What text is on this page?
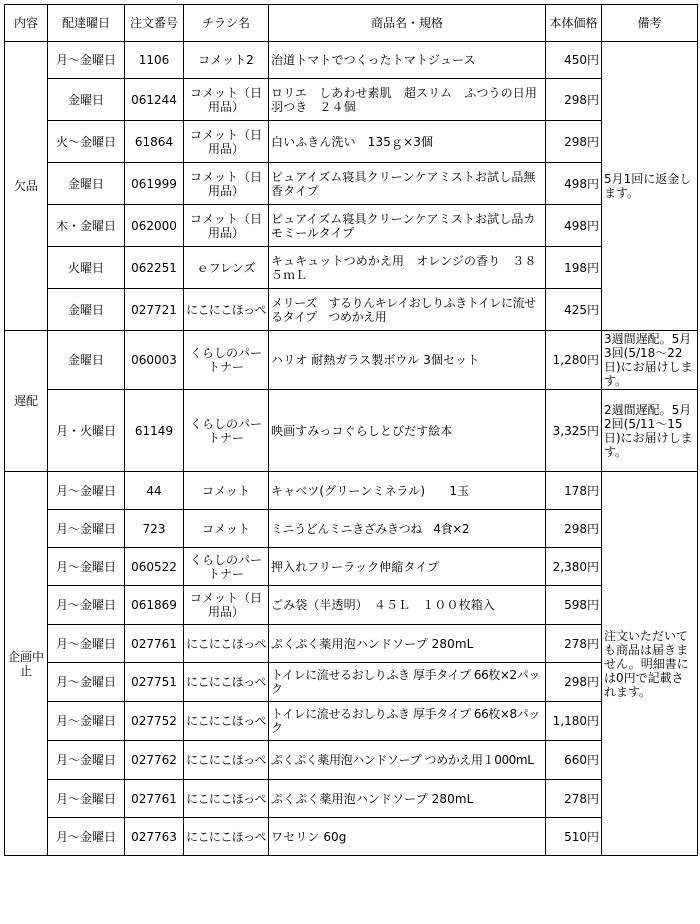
内容	配達曜日	注文番号	チラシ名	商品名・規格	本体価格	備考
欠品	月～金曜日	1106	コメット2	治道トマトでつくったトマトジュース	450円	5月1回に返金します。
	金曜日	061244	コメット（日用品）	ロリエ　しあわせ素肌　超スリム　ふつうの日用　羽つき　２４個	298円	
	火～金曜日	61864	コメット（日用品）	白いふきん洗い　135ｇ×3個	298円	
	金曜日	061999	コメット（日用品）	ピュアイズム寝具クリーンケアミストお試し品無香タイプ	498円	
	木・金曜日	062000	コメット（日用品）	ピュアイズム寝具クリーンケアミストお試し品カモミールタイプ	498円	
	火曜日	062251	ｅフレンズ	キュキュットつめかえ用　オレンジの香り　３８５ｍＬ	198円	
	金曜日	027721	にこにこほっぺ	メリーズ　するりんキレイおしりふきトイレに流せるタイプ　つめかえ用	425円	
遅配	金曜日	060003	くらしのパートナー	ハリオ 耐熱ガラス製ボウル 3個セット	1,280円	3週間遅配。5月3回(5/18～22日)にお届けします。
	月・火曜日	61149	くらしのパートナー	映画すみっコぐらしとびだす絵本	3,325円	2週間遅配。5月2回(5/11～15日)にお届けします。
企画中止	月～金曜日	44	コメット	キャベツ(グリーンミネラル)　　1玉	178円	注文いただいても商品は届きません。明細書には0円で記載されます。
	月～金曜日	723	コメット	ミニうどんミニきざみきつね　4食×2	298円	
	月～金曜日	060522	くらしのパートナー	押入れフリーラック伸縮タイプ	2,380円	
	月～金曜日	061869	コメット（日用品）	ごみ袋（半透明）　４５Ｌ　１００枚箱入	598円	
	月～金曜日	027761	にこにこほっぺ	ぷくぷく薬用泡ハンドソープ 280mL	278円	
	月～金曜日	027751	にこにこほっぺ	トイレに流せるおしりふき 厚手タイプ 66枚×2パック	298円	
	月～金曜日	027752	にこにこほっぺ	トイレに流せるおしりふき 厚手タイプ 66枚×8パック	1,180円	
	月～金曜日	027762	にこにこほっぺ	ぷくぷく薬用泡ハンドソープ つめかえ用１000mL	660円	
	月～金曜日	027761	にこにこほっぺ	ぷくぷく薬用泡ハンドソープ 280mL	278円	
	月～金曜日	027763	にこにこほっぺ	ワセリン 60g	510円	
